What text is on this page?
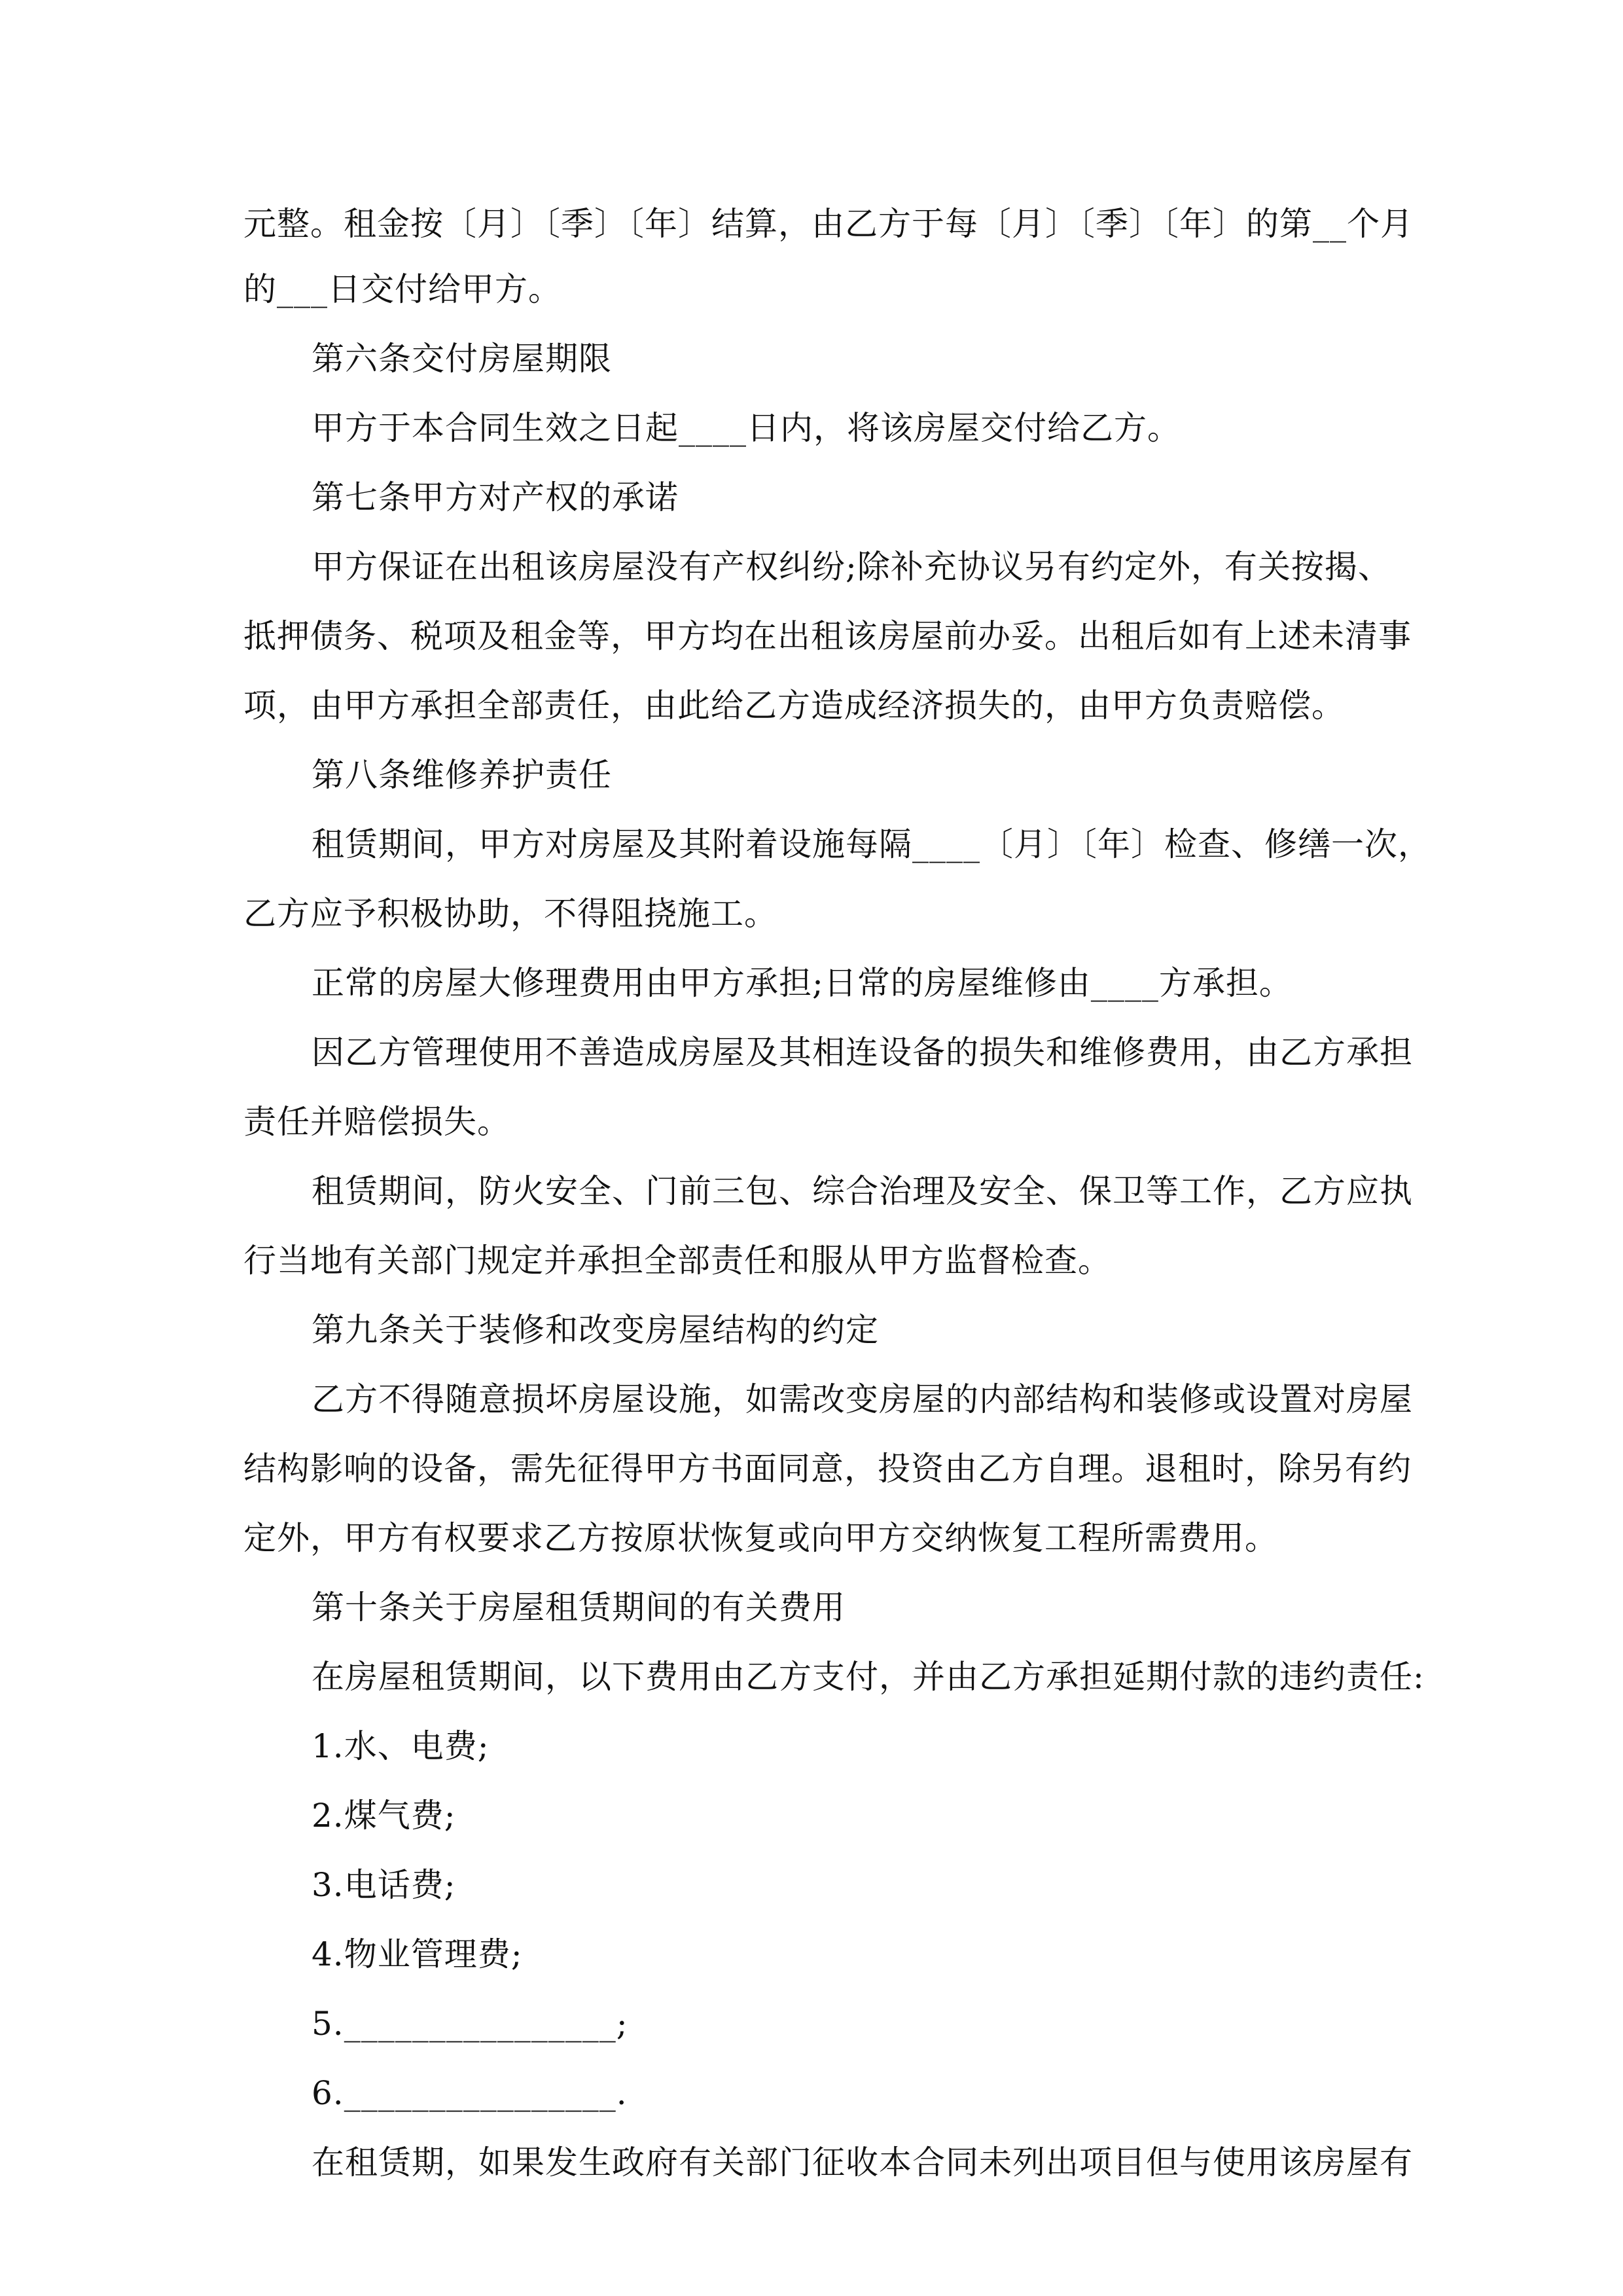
元整。租金按〔月〕〔季〕〔年〕结算，由乙方于每〔月〕〔季〕〔年〕的第__个月
的___日交付给甲方。
第六条交付房屋期限
甲方于本合同生效之日起____日内，将该房屋交付给乙方。
第七条甲方对产权的承诺
甲方保证在出租该房屋没有产权纠纷;除补充协议另有约定外，有关按揭、
抵押债务、税项及租金等，甲方均在出租该房屋前办妥。出租后如有上述未清事
项，由甲方承担全部责任，由此给乙方造成经济损失的，由甲方负责赔偿。
第八条维修养护责任
租赁期间，甲方对房屋及其附着设施每隔____〔月〕〔年〕检查、修缮一次，
乙方应予积极协助，不得阻挠施工。
正常的房屋大修理费用由甲方承担;日常的房屋维修由____方承担。
因乙方管理使用不善造成房屋及其相连设备的损失和维修费用，由乙方承担
责任并赔偿损失。
租赁期间，防火安全、门前三包、综合治理及安全、保卫等工作，乙方应执
行当地有关部门规定并承担全部责任和服从甲方监督检查。
第九条关于装修和改变房屋结构的约定
乙方不得随意损坏房屋设施，如需改变房屋的内部结构和装修或设置对房屋
结构影响的设备，需先征得甲方书面同意，投资由乙方自理。退租时，除另有约
定外，甲方有权要求乙方按原状恢复或向甲方交纳恢复工程所需费用。
第十条关于房屋租赁期间的有关费用
在房屋租赁期间，以下费用由乙方支付，并由乙方承担延期付款的违约责任:
1.水、电费;
2.煤气费;
3.电话费;
4.物业管理费;
5.________________;
6.________________.
在租赁期，如果发生政府有关部门征收本合同未列出项目但与使用该房屋有
